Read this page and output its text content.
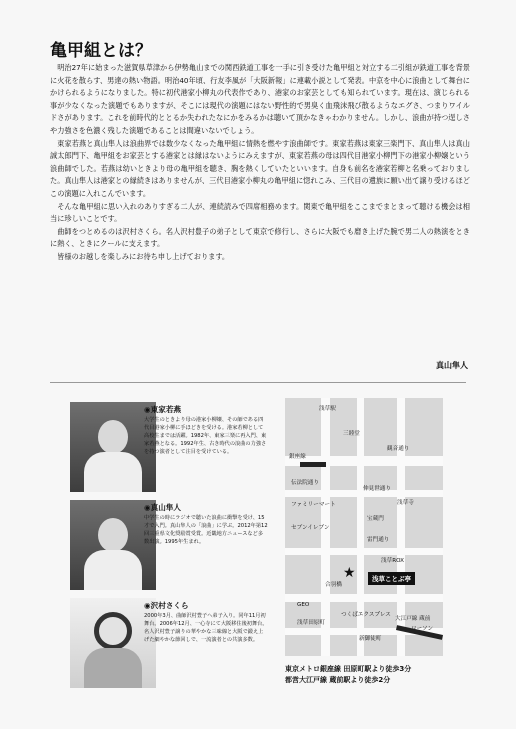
亀甲組とは？

明治27年に始まった滋賀県草津から伊勢亀山までの関西鉄道工事を一手に引き受けた亀甲組と対立する二引組が鉄道工事を背景に火花を散らす、男達の熱い物語。明治40年頃、行友李風が「大阪新報」に連載小説として発表。中京を中心に浪曲として舞台にかけられるようになりました。特に初代港家小柳丸の代表作であり、港家のお家芸としても知られています。現在は、演じられる事が少なくなった演題でもありますが、そこには現代の演題にはない野性的で男臭く血飛沫飛び散るようなエグさ、つまりワイルドさがあります。これを前時代的ととるか失われたなにかをみるかは聴いて頂かなきゃわかりません。しかし、浪曲が持つ逞しさや力強さを色濃く残した演題であることは間違いないでしょう。

東家若燕と真山隼人は浪曲界では数少なくなった亀甲組に情熱を燃やす浪曲師です。東家若燕は東家三楽門下、真山隼人は真山誠太郎門下、亀甲組をお家芸とする港家とは縁はないようにみえますが、東家若燕の母は四代目港家小柳門下の港家小柳嬢という浪曲師でした。若燕は幼いときより母の亀甲組を聴き、胸を熱くしていたといいます。自身も前名を港家若柳と名乗っておりました。真山隼人は港家との縁続きはありませんが、三代目港家小柳丸の亀甲組に惚れこみ、三代目の遺族に願い出て譲り受けるほどこの演題に入れこんでいます。

そんな亀甲組に思い入れのありすぎる二人が、連続読みで四席相務めます。関東で亀甲組をここまでまとまって聴ける機会は相当に珍しいことです。

曲師をつとめるのは沢村さくら。名人沢村豊子の弟子として東京で修行し、さらに大阪でも磨き上げた腕で男二人の熱演をときに熱く、ときにクールに支えます。

皆様のお越しを楽しみにお待ち申し上げております。

真山隼人
◉東家若燕
大学生のときより母の港家小柳嬢、その師である四代目港家小柳に手ほどきを受ける。港家若柳として高校生までは活躍。1982年、東家三楽に再入門、東家若燕となる。1992年生、古き時代の浪曲の力強さを持つ演者として注目を受けている。
◉真山隼人
中学生の時にラジオで聴いた浪曲に衝撃を受け、15才で入門。真山隼人の「浪曲」に学ぶ。2012年第12回三重県文化奨励賞受賞。近畿地方ニュースなど多数出演。1995年生まれ。
◉沢村さくら
2000年3月、曲師沢村豊子へ弟子入り。同年11月初舞台。2006年12月、一心寺にて大阪移住後初舞台。名人沢村豊子譲りの華やかな三味線と大阪で鍛え上げた細やかな節回しで、一流演者との共演多数。
浅草駅
三睦堂
観音通り
伝法院通り
仲見世通り
ファミリーマート
セブンイレブン
宝蔵門
雷門通り
浅草ROX
浅草寺
GEO
浅草田原町
銀座線
合羽橋
つくばエクスプレス
大江戸線 蔵前
新御徒町
ローソン
★	浅草ことぶ亭
東京メトロ銀座線 田原町駅より徒歩3分
都営大江戸線 蔵前駅より徒歩2分
